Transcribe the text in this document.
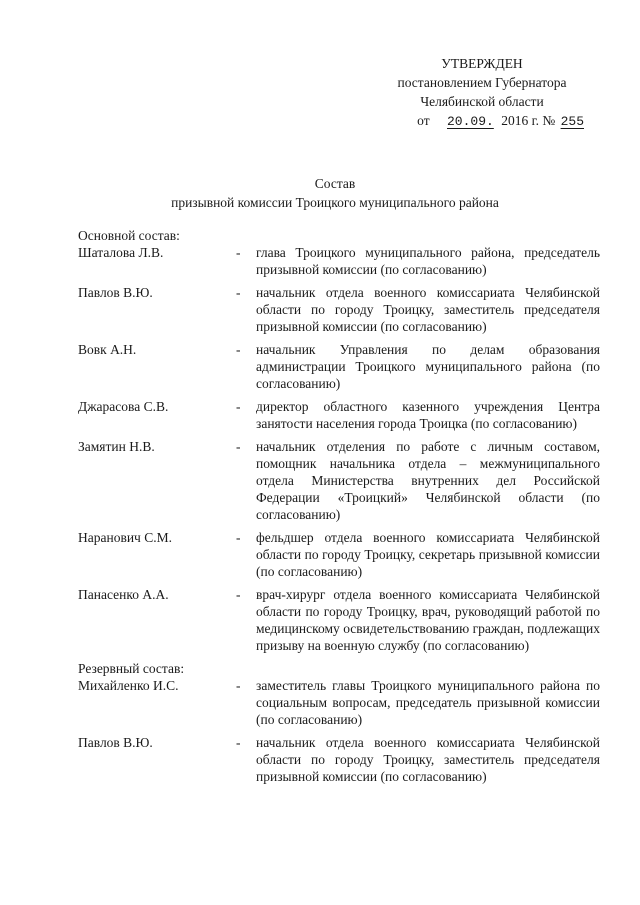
УТВЕРЖДЕН
постановлением Губернатора
Челябинской области
от 20.09. 2016 г. № 255
Состав
призывной комиссии Троицкого муниципального района
Основной состав:
Шаталова Л.В.	-	глава Троицкого муниципального района, председатель призывной комиссии (по согласованию)
Павлов В.Ю.	-	начальник отдела военного комиссариата Челябинской области по городу Троицку, заместитель председателя призывной комиссии (по согласованию)
Вовк А.Н.	-	начальник Управления по делам образования администрации Троицкого муниципального района (по согласованию)
Джарасова С.В.	-	директор областного казенного учреждения Центра занятости населения города Троицка (по согласованию)
Замятин Н.В.	-	начальник отделения по работе с личным составом, помощник начальника отдела – межмуниципального отдела Министерства внутренних дел Российской Федерации «Троицкий» Челябинской области (по согласованию)
Наранович С.М.	-	фельдшер отдела военного комиссариата Челябинской области по городу Троицку, секретарь призывной комиссии (по согласованию)
Панасенко А.А.	-	врач-хирург отдела военного комиссариата Челябинской области по городу Троицку, врач, руководящий работой по медицинскому освидетельствованию граждан, подлежащих призыву на военную службу (по согласованию)
Резервный состав:
Михайленко И.С.	-	заместитель главы Троицкого муниципального района по социальным вопросам, председатель призывной комиссии (по согласованию)
Павлов В.Ю.	-	начальник отдела военного комиссариата Челябинской области по городу Троицку, заместитель председателя призывной комиссии (по согласованию)
